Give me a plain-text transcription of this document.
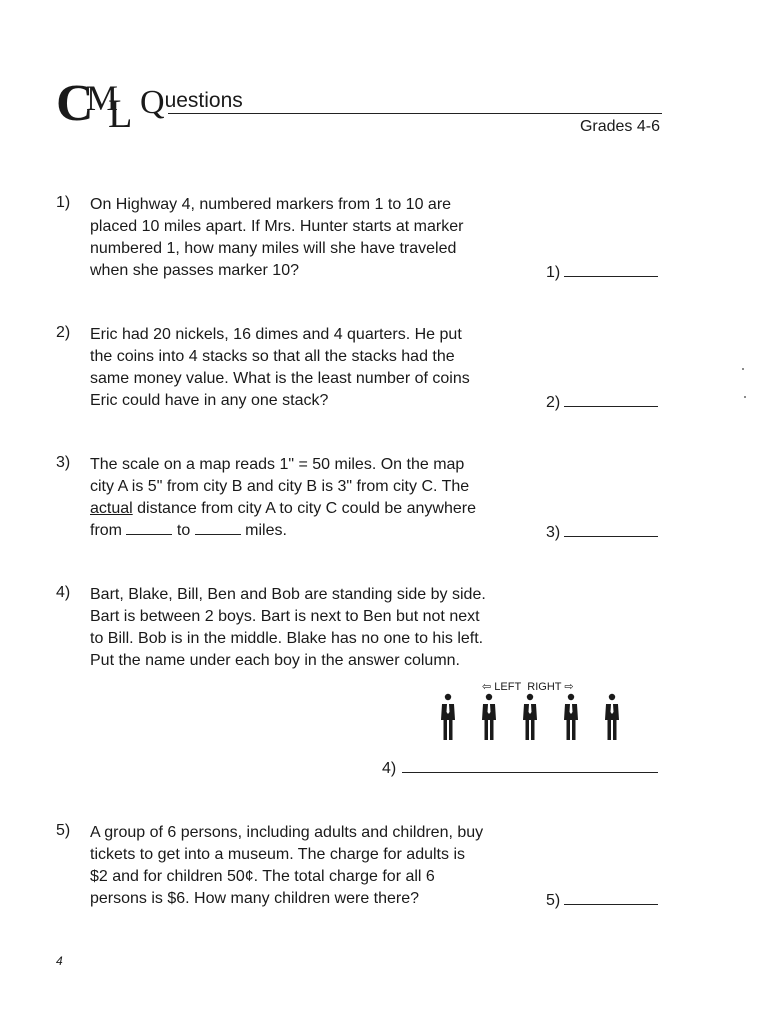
C
M
L Questions
Grades 4-6
1) On Highway 4, numbered markers from 1 to 10 are

placed 10 miles apart. If Mrs. Hunter starts at marker

numbered 1, how many miles will she have traveled

when she passes marker 10?	1)
2) Eric had 20 nickels, 16 dimes and 4 quarters. He put

the coins into 4 stacks so that all the stacks had the

same money value. What is the least number of coins

Eric could have in any one stack?	2)
3) The scale on a map reads 1" = 50 miles. On the map

city A is 5" from city B and city B is 3" from city C. The

actual distance from city A to city C could be anywhere

from	to	miles.	3)
4) Bart, Blake, Bill, Ben and Bob are standing side by side.

Bart is between 2 boys. Bart is next to Ben but not next

to Bill. Bob is in the middle. Blake has no one to his left.

Put the name under each boy in the answer column.

⇦ LEFT RIGHT ⇨
4)
5) A group of 6 persons, including adults and children, buy

tickets to get into a museum. The charge for adults is

$2 and for children 50¢. The total charge for all 6

persons is $6. How many children were there?	5)
4
